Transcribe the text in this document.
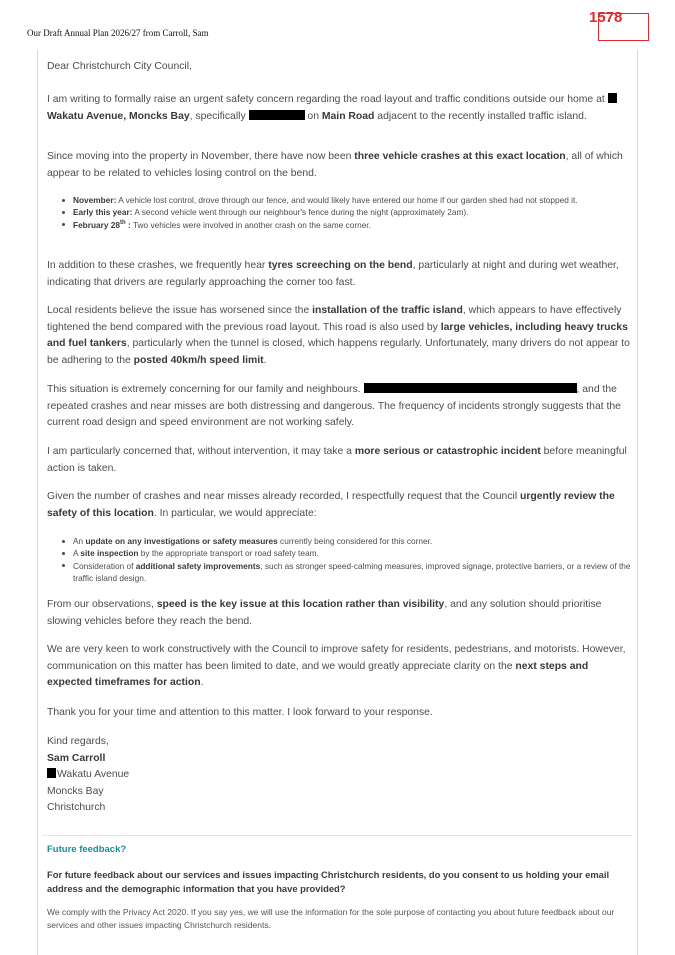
Our Draft Annual Plan 2026/27 from Carroll, Sam
1578
Dear Christchurch City Council,
I am writing to formally raise an urgent safety concern regarding the road layout and traffic conditions outside our home at Wakatu Avenue, Moncks Bay, specifically	on Main Road adjacent to the recently installed traffic island.
Since moving into the property in November, there have now been three vehicle crashes at this exact location, all of which appear to be related to vehicles losing control on the bend.
November: A vehicle lost control, drove through our fence, and would likely have entered our home if our garden shed had not stopped it.
Early this year: A second vehicle went through our neighbour's fence during the night (approximately 2am).
February 28th : Two vehicles were involved in another crash on the same corner.
In addition to these crashes, we frequently hear tyres screeching on the bend, particularly at night and during wet weather, indicating that drivers are regularly approaching the corner too fast.
Local residents believe the issue has worsened since the installation of the traffic island, which appears to have effectively tightened the bend compared with the previous road layout. This road is also used by large vehicles, including heavy trucks and fuel tankers, particularly when the tunnel is closed, which happens regularly. Unfortunately, many drivers do not appear to be adhering to the posted 40km/h speed limit.
This situation is extremely concerning for our family and neighbours.	, and the repeated crashes and near misses are both distressing and dangerous. The frequency of incidents strongly suggests that the current road design and speed environment are not working safely.
I am particularly concerned that, without intervention, it may take a more serious or catastrophic incident before meaningful action is taken.
Given the number of crashes and near misses already recorded, I respectfully request that the Council urgently review the safety of this location. In particular, we would appreciate:
An update on any investigations or safety measures currently being considered for this corner.
A site inspection by the appropriate transport or road safety team.
Consideration of additional safety improvements, such as stronger speed-calming measures, improved signage, protective barriers, or a review of the traffic island design.
From our observations, speed is the key issue at this location rather than visibility, and any solution should prioritise slowing vehicles before they reach the bend.
We are very keen to work constructively with the Council to improve safety for residents, pedestrians, and motorists. However, communication on this matter has been limited to date, and we would greatly appreciate clarity on the next steps and expected timeframes for action.
Thank you for your time and attention to this matter. I look forward to your response.
Kind regards,
Sam Carroll
Wakatu Avenue
Moncks Bay
Christchurch
Future feedback?
For future feedback about our services and issues impacting Christchurch residents, do you consent to us holding your email address and the demographic information that you have provided?
We comply with the Privacy Act 2020. If you say yes, we will use the information for the sole purpose of contacting you about future feedback about our services and other issues impacting Christchurch residents.
